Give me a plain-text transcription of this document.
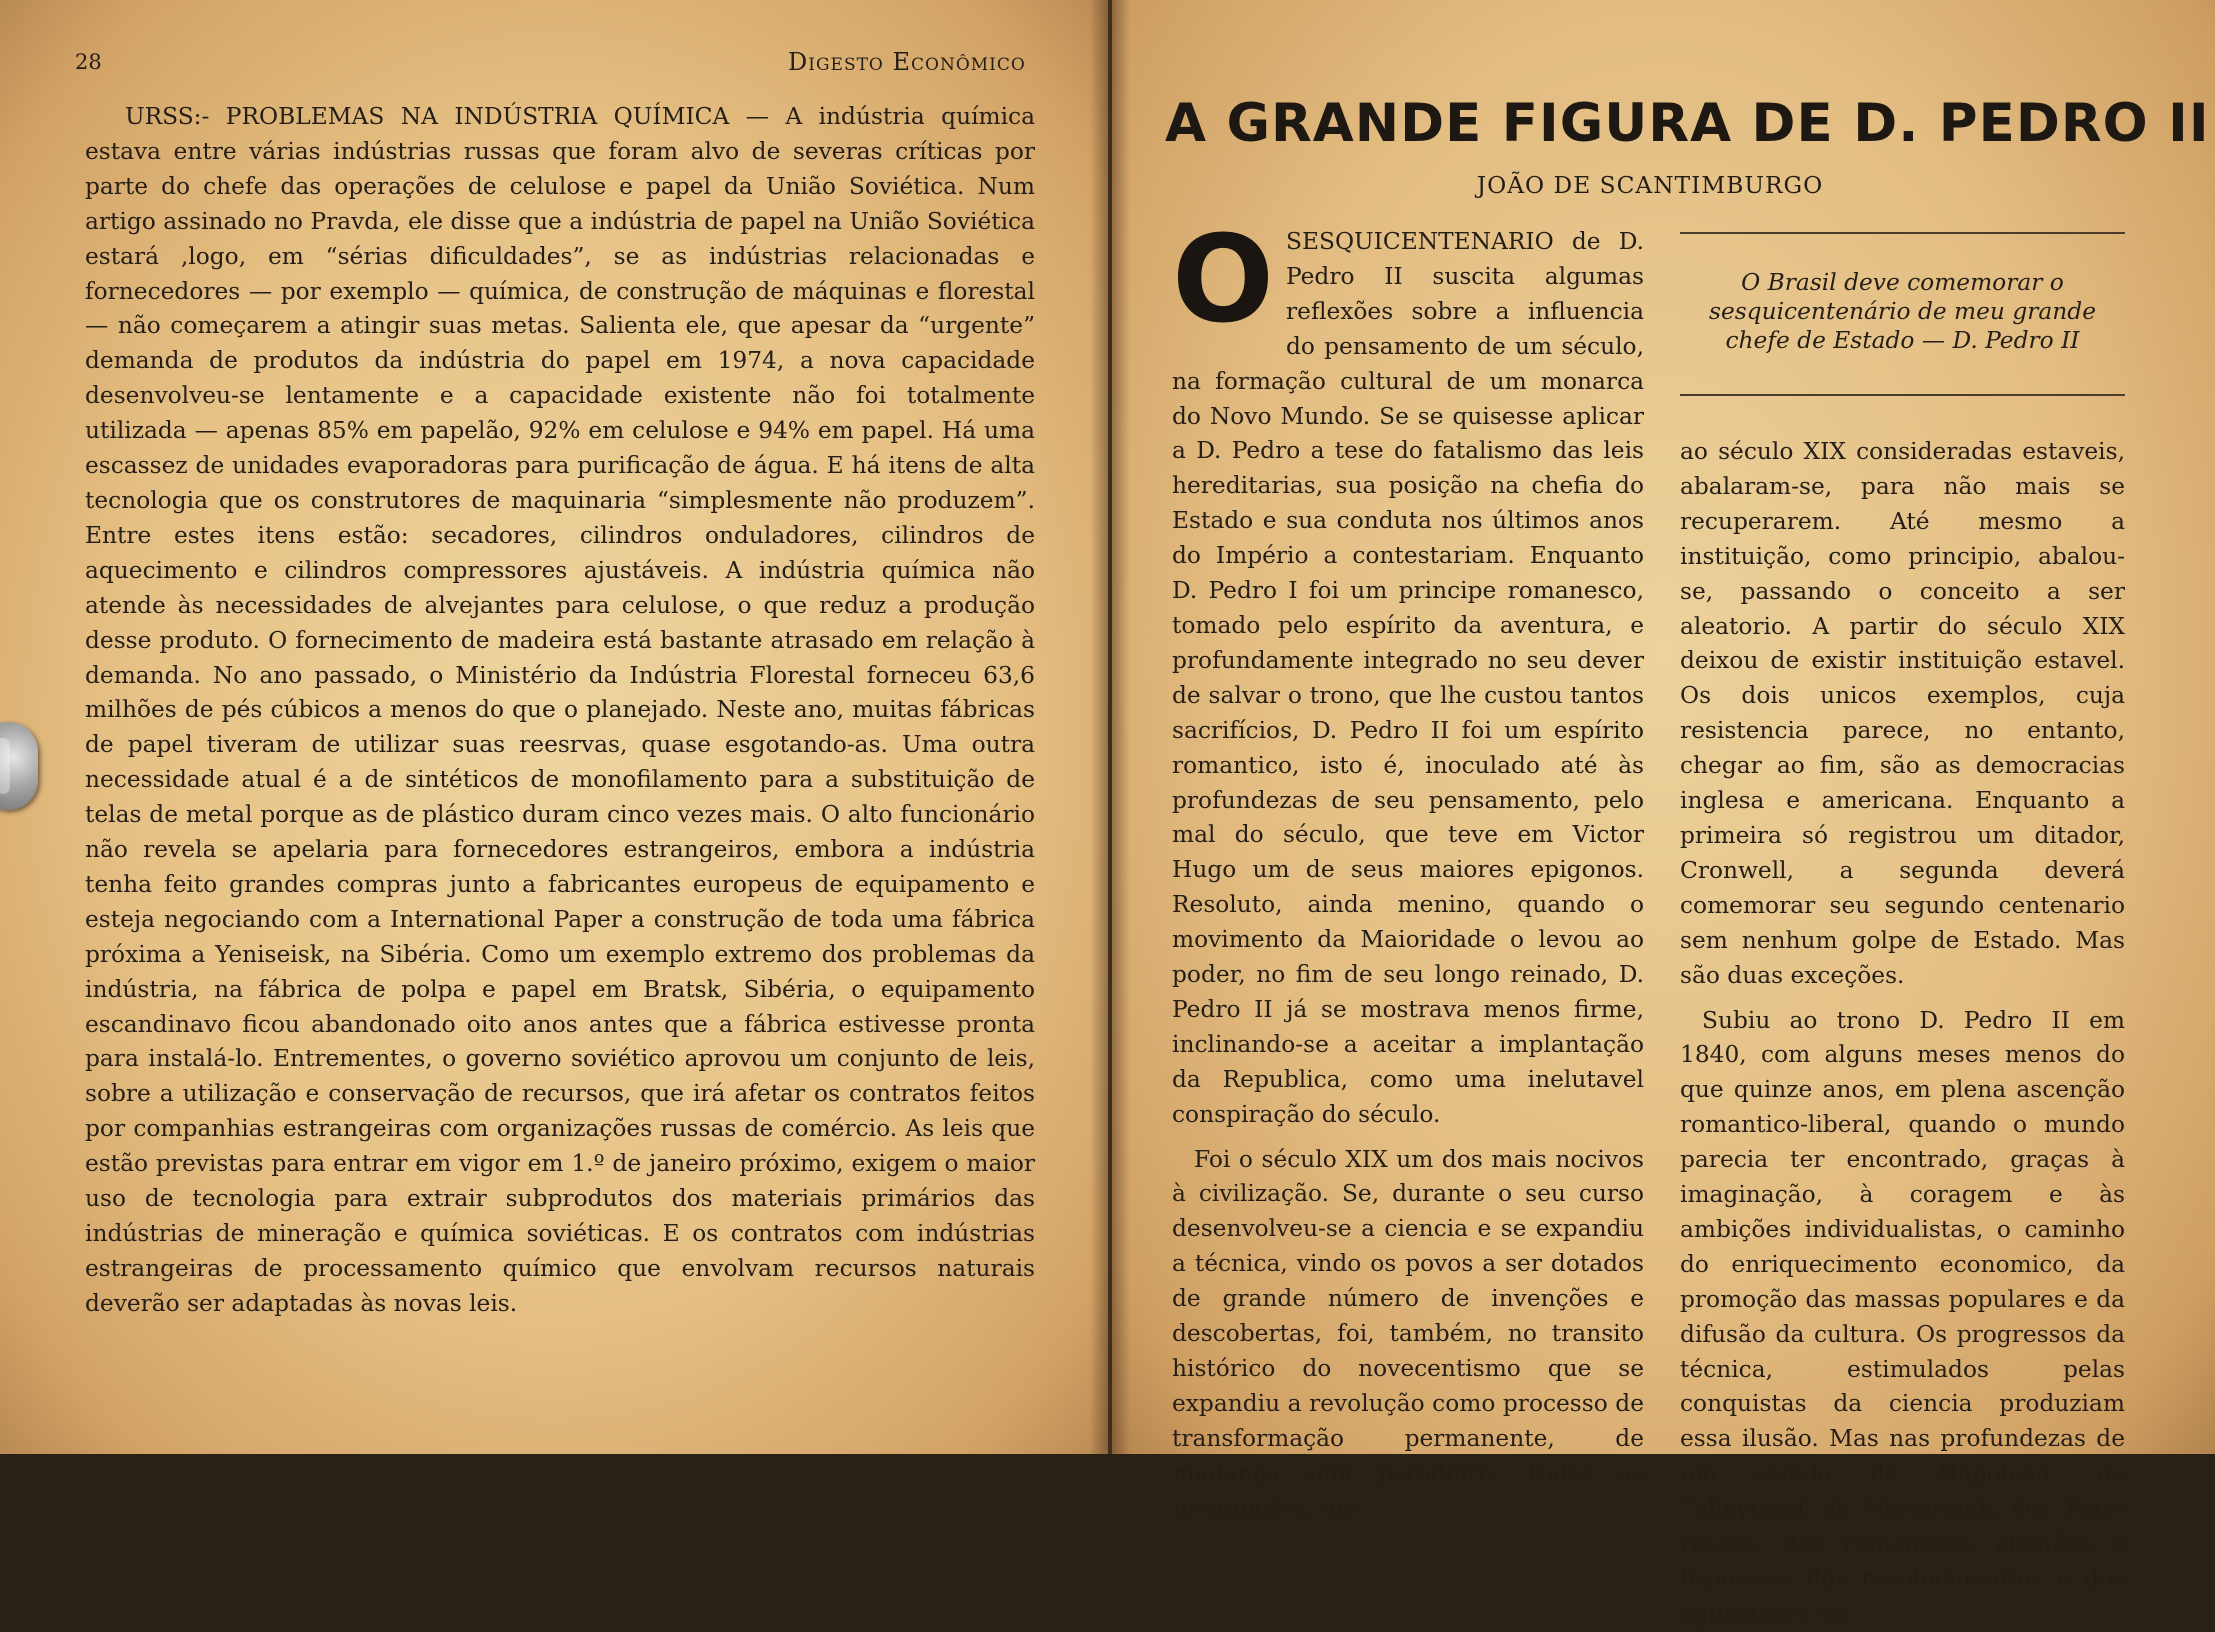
28	Digesto Econômico

URSS:- PROBLEMAS NA INDÚSTRIA QUÍMICA — A indústria química estava entre várias indústrias russas que foram alvo de severas críticas por parte do chefe das operações de celulose e papel da União Soviética. Num artigo assinado no Pravda, ele disse que a indústria de papel na União Soviética estará ,logo, em “sérias dificuldades”, se as indústrias relacionadas e fornecedores — por exemplo — química, de construção de máquinas e florestal — não começarem a atingir suas metas. Salienta ele, que apesar da “urgente” demanda de produtos da indústria do papel em 1974, a nova capacidade desenvolveu-se lentamente e a capacidade existente não foi totalmente utilizada — apenas 85% em papelão, 92% em celulose e 94% em papel. Há uma escassez de unidades evaporadoras para purificação de água. E há itens de alta tecnologia que os construtores de maquinaria “simplesmente não produzem”. Entre estes itens estão: secadores, cilindros onduladores, cilindros de aquecimento e cilindros compressores ajustáveis. A indústria química não atende às necessidades de alvejantes para celulose, o que reduz a produção desse produto. O fornecimento de madeira está bastante atrasado em relação à demanda. No ano passado, o Ministério da Indústria Florestal forneceu 63,6 milhões de pés cúbicos a menos do que o planejado. Neste ano, muitas fábricas de papel tiveram de utilizar suas reesrvas, quase esgotando-as. Uma outra necessidade atual é a de sintéticos de monofilamento para a substituição de telas de metal porque as de plástico duram cinco vezes mais. O alto funcionário não revela se apelaria para fornecedores estrangeiros, embora a indústria tenha feito grandes compras junto a fabricantes europeus de equipamento e esteja negociando com a International Paper a construção de toda uma fábrica próxima a Yeniseisk, na Sibéria. Como um exemplo extremo dos problemas da indústria, na fábrica de polpa e papel em Bratsk, Sibéria, o equipamento escandinavo ficou abandonado oito anos antes que a fábrica estivesse pronta para instalá-lo. Entrementes, o governo soviético aprovou um conjunto de leis, sobre a utilização e conservação de recursos, que irá afetar os contratos feitos por companhias estrangeiras com organizações russas de comércio. As leis que estão previstas para entrar em vigor em 1.º de janeiro próximo, exigem o maior uso de tecnologia para extrair subprodutos dos materiais primários das indústrias de mineração e química soviéticas. E os contratos com indústrias estrangeiras de processamento químico que envolvam recursos naturais deverão ser adaptadas às novas leis.

A GRANDE FIGURA DE D. PEDRO II
JOÃO DE SCANTIMBURGO

OSESQUICENTENARIO de D. Pedro II suscita algumas reflexões sobre a influencia do pensamento de um século, na formação cultural de um monarca do Novo Mundo. Se se quisesse aplicar a D. Pedro a tese do fatalismo das leis hereditarias, sua posição na chefia do Estado e sua conduta nos últimos anos do Império a contestariam. Enquanto D. Pedro I foi um principe romanesco, tomado pelo espírito da aventura, e profundamente integrado no seu dever de salvar o trono, que lhe custou tantos sacrifícios, D. Pedro II foi um espírito romantico, isto é, inoculado até às profundezas de seu pensamento, pelo mal do século, que teve em Victor Hugo um de seus maiores epigonos. Resoluto, ainda menino, quando o movimento da Maioridade o levou ao poder, no fim de seu longo reinado, D. Pedro II já se mostrava menos firme, inclinando-se a aceitar a implantação da Republica, como uma inelutavel conspiração do século.

Foi o século XIX um dos mais nocivos à civilização. Se, durante o seu curso desenvolveu-se a ciencia e se expandiu a técnica, vindo os povos a ser dotados de grande número de invenções e descobertas, foi, também, no transito histórico do novecentismo que se expandiu a revolução como processo de transformação permanente, de mudança sem paradeiro. Todas as instituições, até

O Brasil deve comemorar o sesquicentenário de meu grande chefe de Estado — D. Pedro II

ao século XIX consideradas estaveis, abalaram-se, para não mais se recuperarem. Até mesmo a instituição, como principio, abalou-se, passando o conceito a ser aleatorio. A partir do século XIX deixou de existir instituição estavel. Os dois unicos exemplos, cuja resistencia parece, no entanto, chegar ao fim, são as democracias inglesa e americana. Enquanto a primeira só registrou um ditador, Cronwell, a segunda deverá comemorar seu segundo centenario sem nenhum golpe de Estado. Mas são duas exceções.

Subiu ao trono D. Pedro II em 1840, com alguns meses menos do que quinze anos, em plena ascenção romantico-liberal, quando o mundo parecia ter encontrado, graças à imaginação, à coragem e às ambições individualistas, o caminho do enriquecimento economico, da promoção das massas populares e da difusão da cultura. Os progressos da técnica, estimulados pelas conquistas da ciencia produziam essa ilusão. Mas nas profundezas de um século de Napoleão, de Talleyrand, de Metternich, dos Tsars russos, dos romanticos alemães e franceses dos revolucionarios e dos agnosticos, en-
